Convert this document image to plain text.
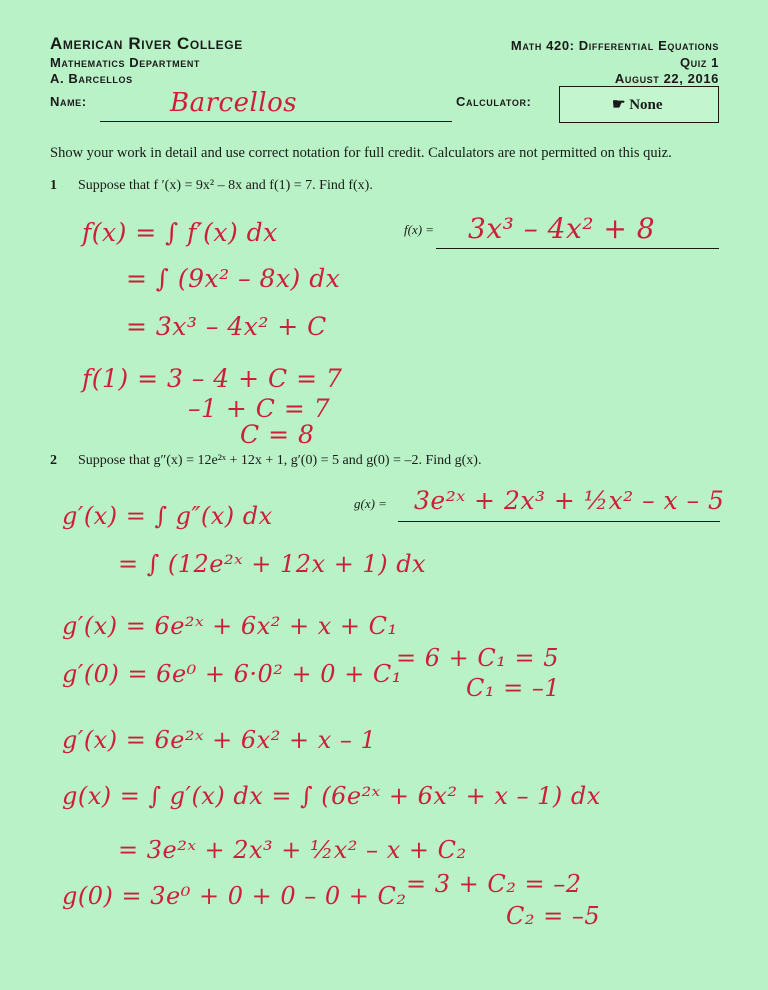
American River College
Mathematics Department
A. Barcellos
Math 420: Differential Equations
Quiz 1
August 22, 2016
Name:	Barcellos	Calculator:	☛ None
Show your work in detail and use correct notation for full credit. Calculators are not permitted on this quiz.
1 Suppose that f ′(x) = 9x² – 8x and f(1) = 7. Find f(x).
f(x) = 3x³ – 4x² + 8
f(x) = ∫ f′(x) dx
= ∫ (9x² – 8x) dx
= 3x³ – 4x² + C
f(1) = 3 – 4 + C = 7
–1 + C = 7
C = 8
2 Suppose that g″(x) = 12e²ˣ + 12x + 1, g′(0) = 5 and g(0) = –2. Find g(x).
g(x) = 3e²ˣ + 2x³ + ½x² – x – 5
g′(x) = ∫ g″(x) dx
= ∫ (12e²ˣ + 12x + 1) dx
g′(x) = 6e²ˣ + 6x² + x + C₁
g′(0) = 6e⁰ + 6·0² + 0 + C₁
= 6 + C₁ = 5
C₁ = –1
g′(x) = 6e²ˣ + 6x² + x – 1
g(x) = ∫ g′(x) dx = ∫ (6e²ˣ + 6x² + x – 1) dx
= 3e²ˣ + 2x³ + ½x² – x + C₂
g(0) = 3e⁰ + 0 + 0 – 0 + C₂ = 3 + C₂ = –2
C₂ = –5
